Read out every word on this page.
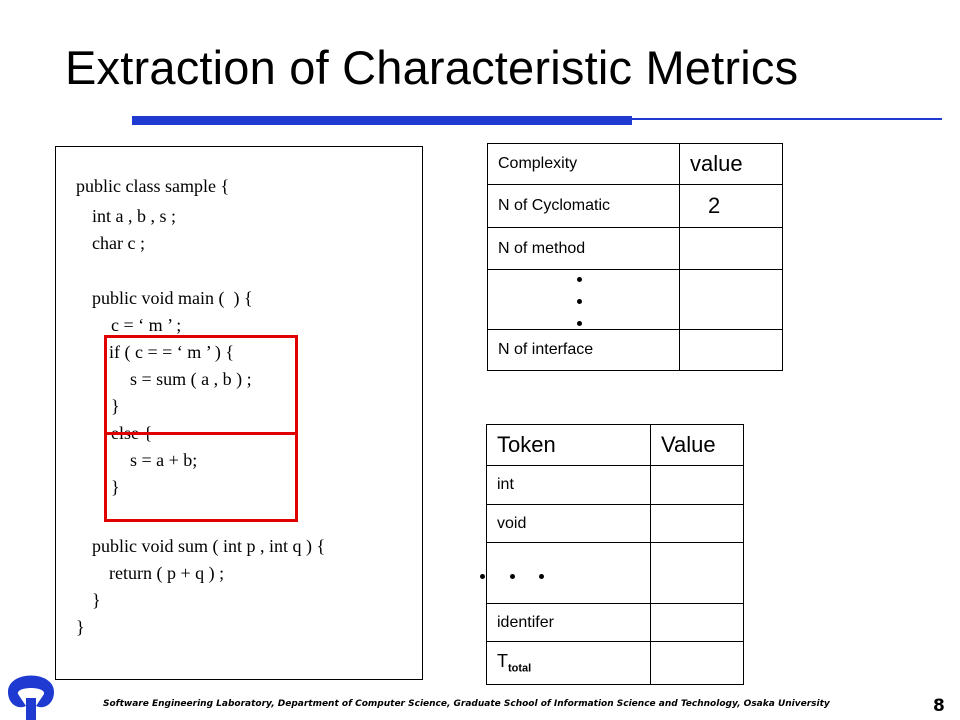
Extraction of Characteristic Metrics
public class sample {
int a , b , s ;
char c ;
public void main (  ) {
c = ‘ m ’ ;
if ( c = = ‘ m ’ ) {
s = sum ( a , b ) ;
}
else {
s = a + b;
}
public void sum ( int p , int q ) {
return ( p + q ) ;
}
}
Complexity	value
N of Cyclomatic	2
N of method	

N of interface	
Token	Value
int	
void	

identifer	
$T_{total}$	
Software Engineering Laboratory, Department of Computer Science, Graduate School of Information Science and Technology, Osaka University	8
